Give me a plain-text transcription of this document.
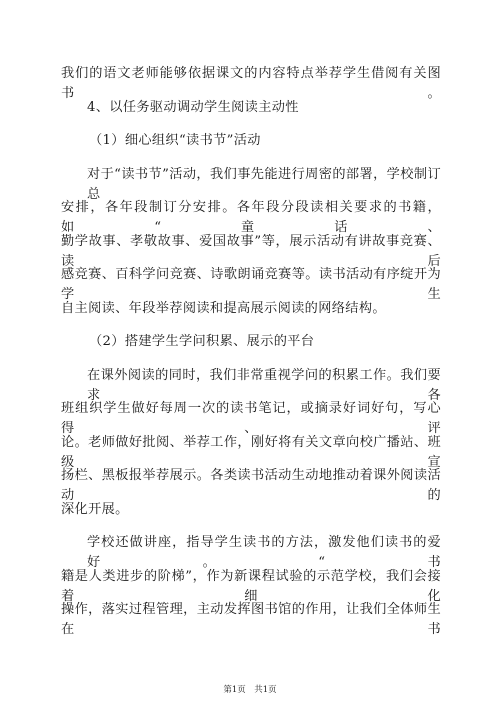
我们的语文老师能够依据课文的内容特点举荐学生借阅有关图书。
4、以任务驱动调动学生阅读主动性
（1）细心组织“读书节”活动
对于“读书节”活动，我们事先能进行周密的部署，学校制订总
安排，各年段制订分安排。各年段分段读相关要求的书籍，如“童话、
勤学故事、孝敬故事、爱国故事”等，展示活动有讲故事竞赛、读后
感竞赛、百科学问竞赛、诗歌朗诵竞赛等。读书活动有序绽开为学生
自主阅读、年段举荐阅读和提高展示阅读的网络结构。
（2）搭建学生学问积累、展示的平台
在课外阅读的同时，我们非常重视学问的积累工作。我们要求各
班组织学生做好每周一次的读书笔记，或摘录好词好句，写心得、评
论。老师做好批阅、举荐工作，刚好将有关文章向校广播站、班级宣
扬栏、黑板报举荐展示。各类读书活动生动地推动着课外阅读活动的
深化开展。
学校还做讲座，指导学生读书的方法，激发他们读书的爱好。“书
籍是人类进步的阶梯”，作为新课程试验的示范学校，我们会接着细化
操作，落实过程管理，主动发挥图书馆的作用，让我们全体师生在书
第1页　共1页
